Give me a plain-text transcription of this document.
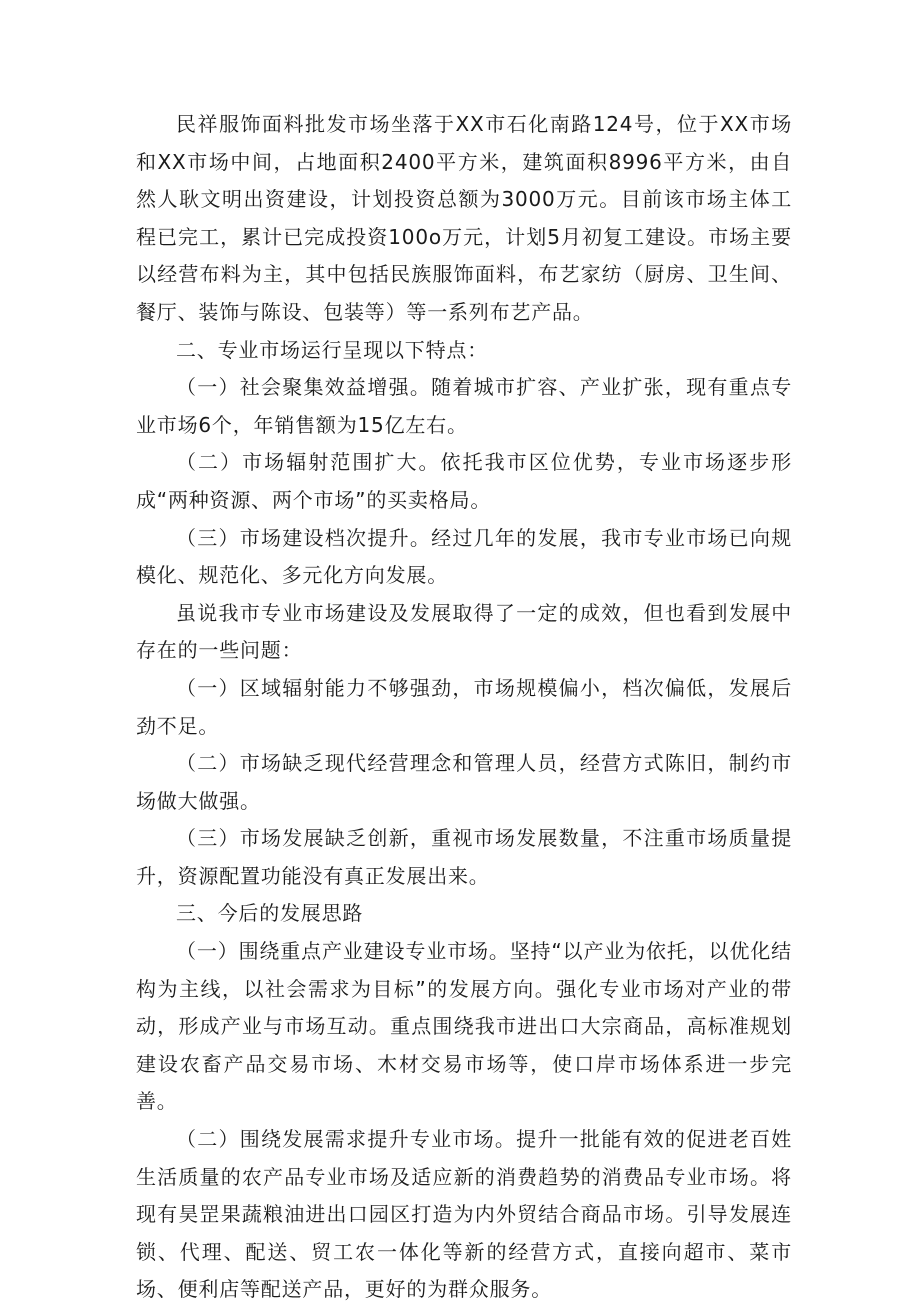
民祥服饰面料批发市场坐落于XX市石化南路124号，位于XX市场和XX市场中间，占地面积2400平方米，建筑面积8996平方米，由自然人耿文明出资建设，计划投资总额为3000万元。目前该市场主体工程已完工，累计已完成投资100o万元，计划5月初复工建设。市场主要以经营布料为主，其中包括民族服饰面料，布艺家纺（厨房、卫生间、餐厅、装饰与陈设、包装等）等一系列布艺产品。

二、专业市场运行呈现以下特点：

（一）社会聚集效益增强。随着城市扩容、产业扩张，现有重点专业市场6个，年销售额为15亿左右。

（二）市场辐射范围扩大。依托我市区位优势，专业市场逐步形成“两种资源、两个市场”的买卖格局。

（三）市场建设档次提升。经过几年的发展，我市专业市场已向规模化、规范化、多元化方向发展。

虽说我市专业市场建设及发展取得了一定的成效，但也看到发展中存在的一些问题：

（一）区域辐射能力不够强劲，市场规模偏小，档次偏低，发展后劲不足。

（二）市场缺乏现代经营理念和管理人员，经营方式陈旧，制约市场做大做强。

（三）市场发展缺乏创新，重视市场发展数量，不注重市场质量提升，资源配置功能没有真正发展出来。

三、今后的发展思路

（一）围绕重点产业建设专业市场。坚持“以产业为依托，以优化结构为主线，以社会需求为目标”的发展方向。强化专业市场对产业的带动，形成产业与市场互动。重点围绕我市进出口大宗商品，高标准规划建设农畜产品交易市场、木材交易市场等，使口岸市场体系进一步完善。

（二）围绕发展需求提升专业市场。提升一批能有效的促进老百姓生活质量的农产品专业市场及适应新的消费趋势的消费品专业市场。将现有昊罡果蔬粮油进出口园区打造为内外贸结合商品市场。引导发展连锁、代理、配送、贸工农一体化等新的经营方式，直接向超市、菜市场、便利店等配送产品，更好的为群众服务。
